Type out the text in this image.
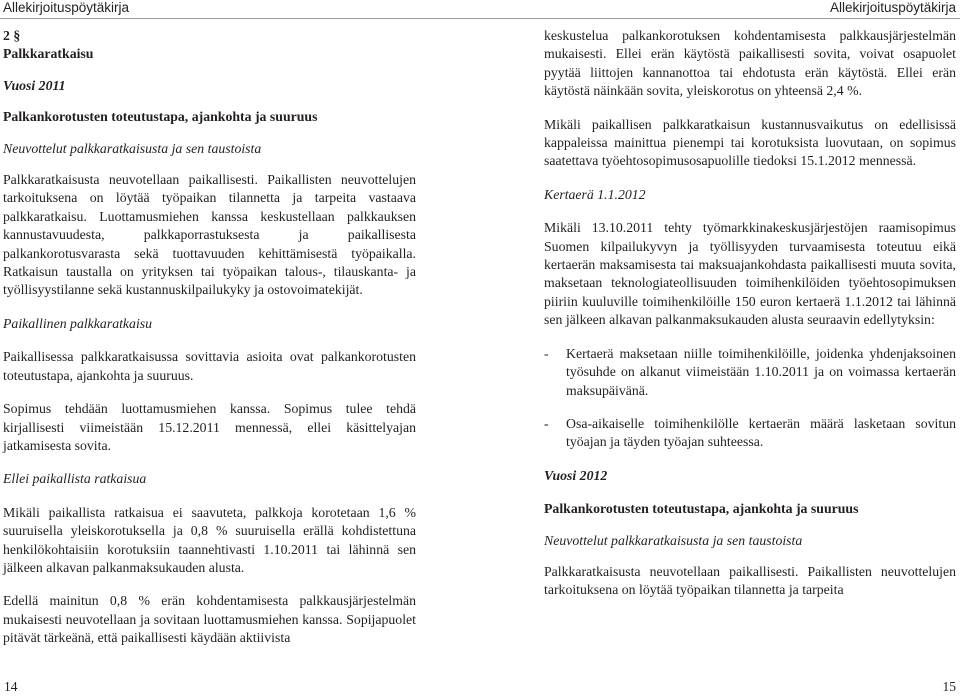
Allekirjoituspöytäkirja	Allekirjoituspöytäkirja

2 §

Palkkaratkaisu

Vuosi 2011

Palkankorotusten toteutustapa, ajankohta ja suuruus

Neuvottelut palkkaratkaisusta ja sen taustoista

Palkkaratkaisusta neuvotellaan paikallisesti. Paikallisten neuvottelujen tarkoituksena on löytää työpaikan tilannetta ja tarpeita vastaava palkkaratkaisu. Luottamusmiehen kanssa keskustellaan palkkauksen kannustavuudesta, palkkaporrastuksesta ja paikallisesta palkankorotusvarasta sekä tuottavuuden kehittämisestä työpaikalla. Ratkaisun taustalla on yrityksen tai työpaikan talous-, tilauskanta- ja työllisyystilanne sekä kustannuskilpailukyky ja ostovoimatekijät.

Paikallinen palkkaratkaisu

Paikallisessa palkkaratkaisussa sovittavia asioita ovat palkankorotusten toteutustapa, ajankohta ja suuruus.

Sopimus tehdään luottamusmiehen kanssa. Sopimus tulee tehdä kirjallisesti viimeistään 15.12.2011 mennessä, ellei käsittelyajan jatkamisesta sovita.

Ellei paikallista ratkaisua

Mikäli paikallista ratkaisua ei saavuteta, palkkoja korotetaan 1,6 % suuruisella yleiskorotuksella ja 0,8 % suuruisella erällä kohdistettuna henkilökohtaisiin korotuksiin taannehtivasti 1.10.2011 tai lähinnä sen jälkeen alkavan palkanmaksukauden alusta.

Edellä mainitun 0,8 % erän kohdentamisesta palkkausjärjestelmän mukaisesti neuvotellaan ja sovitaan luottamusmiehen kanssa. Sopijapuolet pitävät tärkeänä, että paikallisesti käydään aktiivista

keskustelua palkankorotuksen kohdentamisesta palkkausjärjestelmän mukaisesti. Ellei erän käytöstä paikallisesti sovita, voivat osapuolet pyytää liittojen kannanottoa tai ehdotusta erän käytöstä. Ellei erän käytöstä näinkään sovita, yleiskorotus on yhteensä 2,4 %.

Mikäli paikallisen palkkaratkaisun kustannusvaikutus on edellisissä kappaleissa mainittua pienempi tai korotuksista luovutaan, on sopimus saatettava työehtosopimusosapuolille tiedoksi 15.1.2012 mennessä.

Kertaerä 1.1.2012

Mikäli 13.10.2011 tehty työmarkkinakeskusjärjestöjen raamisopimus Suomen kilpailukyvyn ja työllisyyden turvaamisesta toteutuu eikä kertaerän maksamisesta tai maksuajankohdasta paikallisesti muuta sovita, maksetaan teknologiateollisuuden toimihenkilöiden työehtosopimuksen piiriin kuuluville toimihenkilöille 150 euron kertaerä 1.1.2012 tai lähinnä sen jälkeen alkavan palkanmaksukauden alusta seuraavin edellytyksin:

- Kertaerä maksetaan niille toimihenkilöille, joidenka yhdenjaksoinen työsuhde on alkanut viimeistään 1.10.2011 ja on voimassa kertaerän maksupäivänä.
- Osa-aikaiselle toimihenkilölle kertaerän määrä lasketaan sovitun työajan ja täyden työajan suhteessa.

Vuosi 2012

Palkankorotusten toteutustapa, ajankohta ja suuruus

Neuvottelut palkkaratkaisusta ja sen taustoista

Palkkaratkaisusta neuvotellaan paikallisesti. Paikallisten neuvottelujen tarkoituksena on löytää työpaikan tilannetta ja tarpeita

14	15
